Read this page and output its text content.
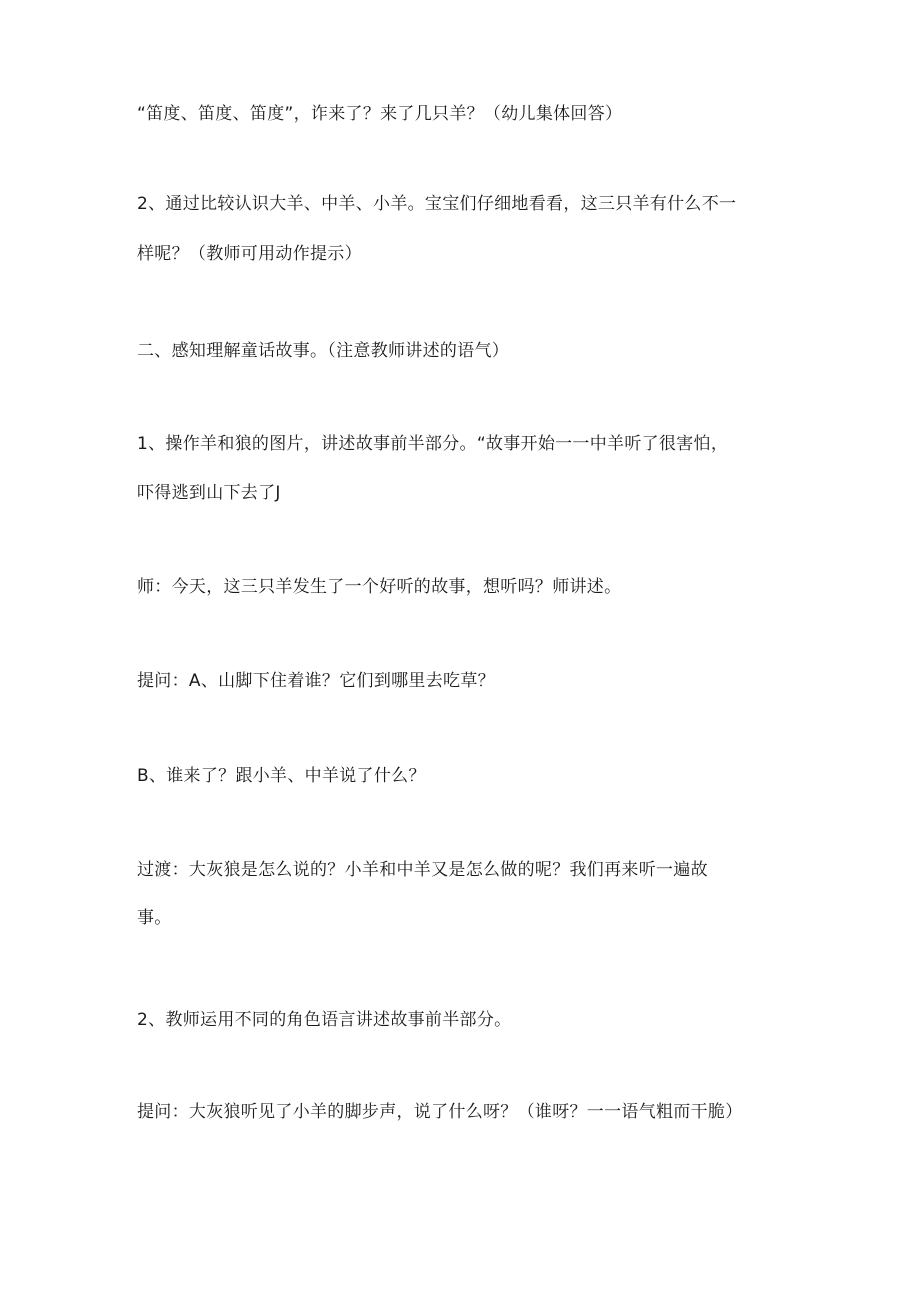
“笛度、笛度、笛度”，诈来了？来了几只羊？（幼儿集体回答）
2、通过比较认识大羊、中羊、小羊。宝宝们仔细地看看，这三只羊有什么不一
样呢？（教师可用动作提示）
二、感知理解童话故事。（注意教师讲述的语气）
1、操作羊和狼的图片，讲述故事前半部分。“故事开始一一中羊听了很害怕，
吓得逃到山下去了J
师：今天，这三只羊发生了一个好听的故事，想听吗？师讲述。
提问：A、山脚下住着谁？它们到哪里去吃草？
B、谁来了？跟小羊、中羊说了什么？
过渡：大灰狼是怎么说的？小羊和中羊又是怎么做的呢？我们再来听一遍故
事。
2、教师运用不同的角色语言讲述故事前半部分。
提问：大灰狼听见了小羊的脚步声，说了什么呀？（谁呀？一一语气粗而干脆）
